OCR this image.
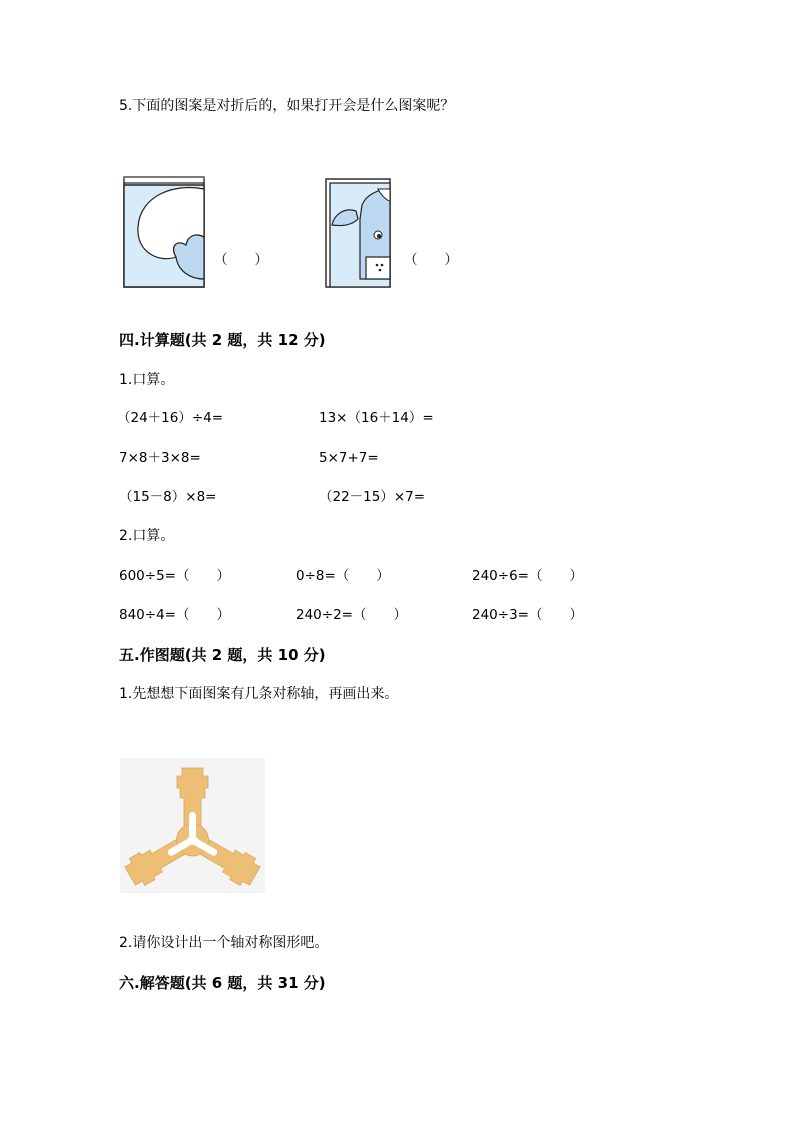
5.下面的图案是对折后的，如果打开会是什么图案呢？
（　　）	（　　）
四.计算题(共 2 题，共 12 分)
1.口算。
（24＋16）÷4=	13×（16＋14）=
7×8＋3×8=	5×7+7=
（15－8）×8=	（22－15）×7=
2.口算。
600÷5=（　　）	0÷8=（　　）	240÷6=（　　）
840÷4=（　　）	240÷2=（　　）	240÷3=（　　）
五.作图题(共 2 题，共 10 分)
1.先想想下面图案有几条对称轴，再画出来。
2.请你设计出一个轴对称图形吧。
六.解答题(共 6 题，共 31 分)
